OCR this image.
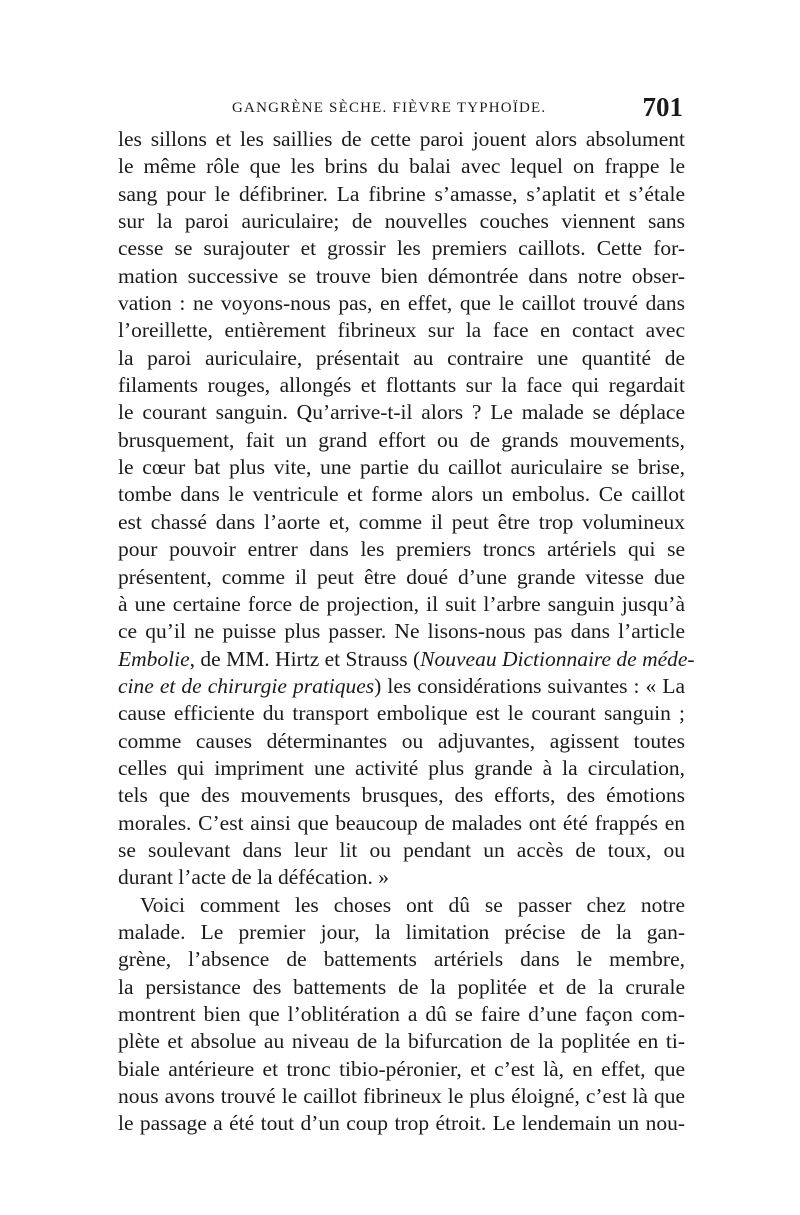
GANGRÈNE SÈCHE. FIÈVRE TYPHOÏDE.	701
les sillons et les saillies de cette paroi jouent alors absolument
le même rôle que les brins du balai avec lequel on frappe le
sang pour le défibriner. La fibrine s’amasse, s’aplatit et s’étale
sur la paroi auriculaire; de nouvelles couches viennent sans
cesse se surajouter et grossir les premiers caillots. Cette for-
mation successive se trouve bien démontrée dans notre obser-
vation : ne voyons-nous pas, en effet, que le caillot trouvé dans
l’oreillette, entièrement fibrineux sur la face en contact avec
la paroi auriculaire, présentait au contraire une quantité de
filaments rouges, allongés et flottants sur la face qui regardait
le courant sanguin. Qu’arrive-t-il alors ? Le malade se déplace
brusquement, fait un grand effort ou de grands mouvements,
le cœur bat plus vite, une partie du caillot auriculaire se brise,
tombe dans le ventricule et forme alors un embolus. Ce caillot
est chassé dans l’aorte et, comme il peut être trop volumineux
pour pouvoir entrer dans les premiers troncs artériels qui se
présentent, comme il peut être doué d’une grande vitesse due
à une certaine force de projection, il suit l’arbre sanguin jusqu’à
ce qu’il ne puisse plus passer. Ne lisons-nous pas dans l’article
Embolie, de MM. Hirtz et Strauss (Nouveau Dictionnaire de méde-
cine et de chirurgie pratiques) les considérations suivantes : « La
cause efficiente du transport embolique est le courant sanguin ;
comme causes déterminantes ou adjuvantes, agissent toutes
celles qui impriment une activité plus grande à la circulation,
tels que des mouvements brusques, des efforts, des émotions
morales. C’est ainsi que beaucoup de malades ont été frappés en
se soulevant dans leur lit ou pendant un accès de toux, ou
durant l’acte de la défécation. »
Voici comment les choses ont dû se passer chez notre
malade. Le premier jour, la limitation précise de la gan-
grène, l’absence de battements artériels dans le membre,
la persistance des battements de la poplitée et de la crurale
montrent bien que l’oblitération a dû se faire d’une façon com-
plète et absolue au niveau de la bifurcation de la poplitée en ti-
biale antérieure et tronc tibio-péronier, et c’est là, en effet, que
nous avons trouvé le caillot fibrineux le plus éloigné, c’est là que
le passage a été tout d’un coup trop étroit. Le lendemain un nou-
